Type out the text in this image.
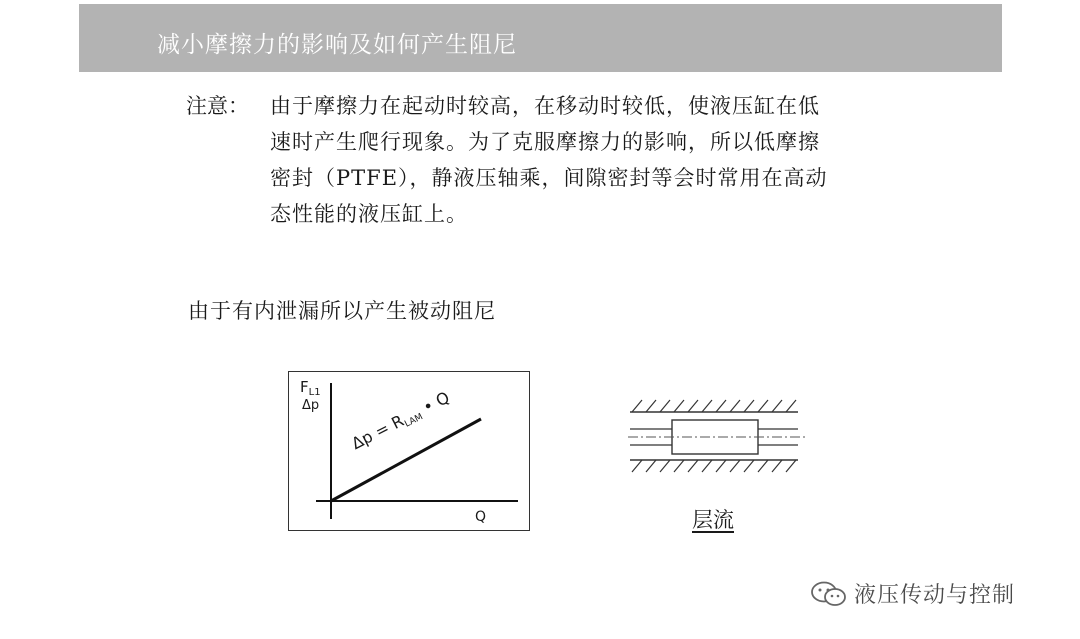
减小摩擦力的影响及如何产生阻尼
注意： 由于摩擦力在起动时较高，在移动时较低，使液压缸在低
速时产生爬行现象。为了克服摩擦力的影响，所以低摩擦
密封（PTFE），静液压轴乘，间隙密封等会时常用在高动
态性能的液压缸上。
由于有内泄漏所以产生被动阻尼
$F_{L1}$
Δp
Q
Δp = RLAM • Q
层流
液压传动与控制
